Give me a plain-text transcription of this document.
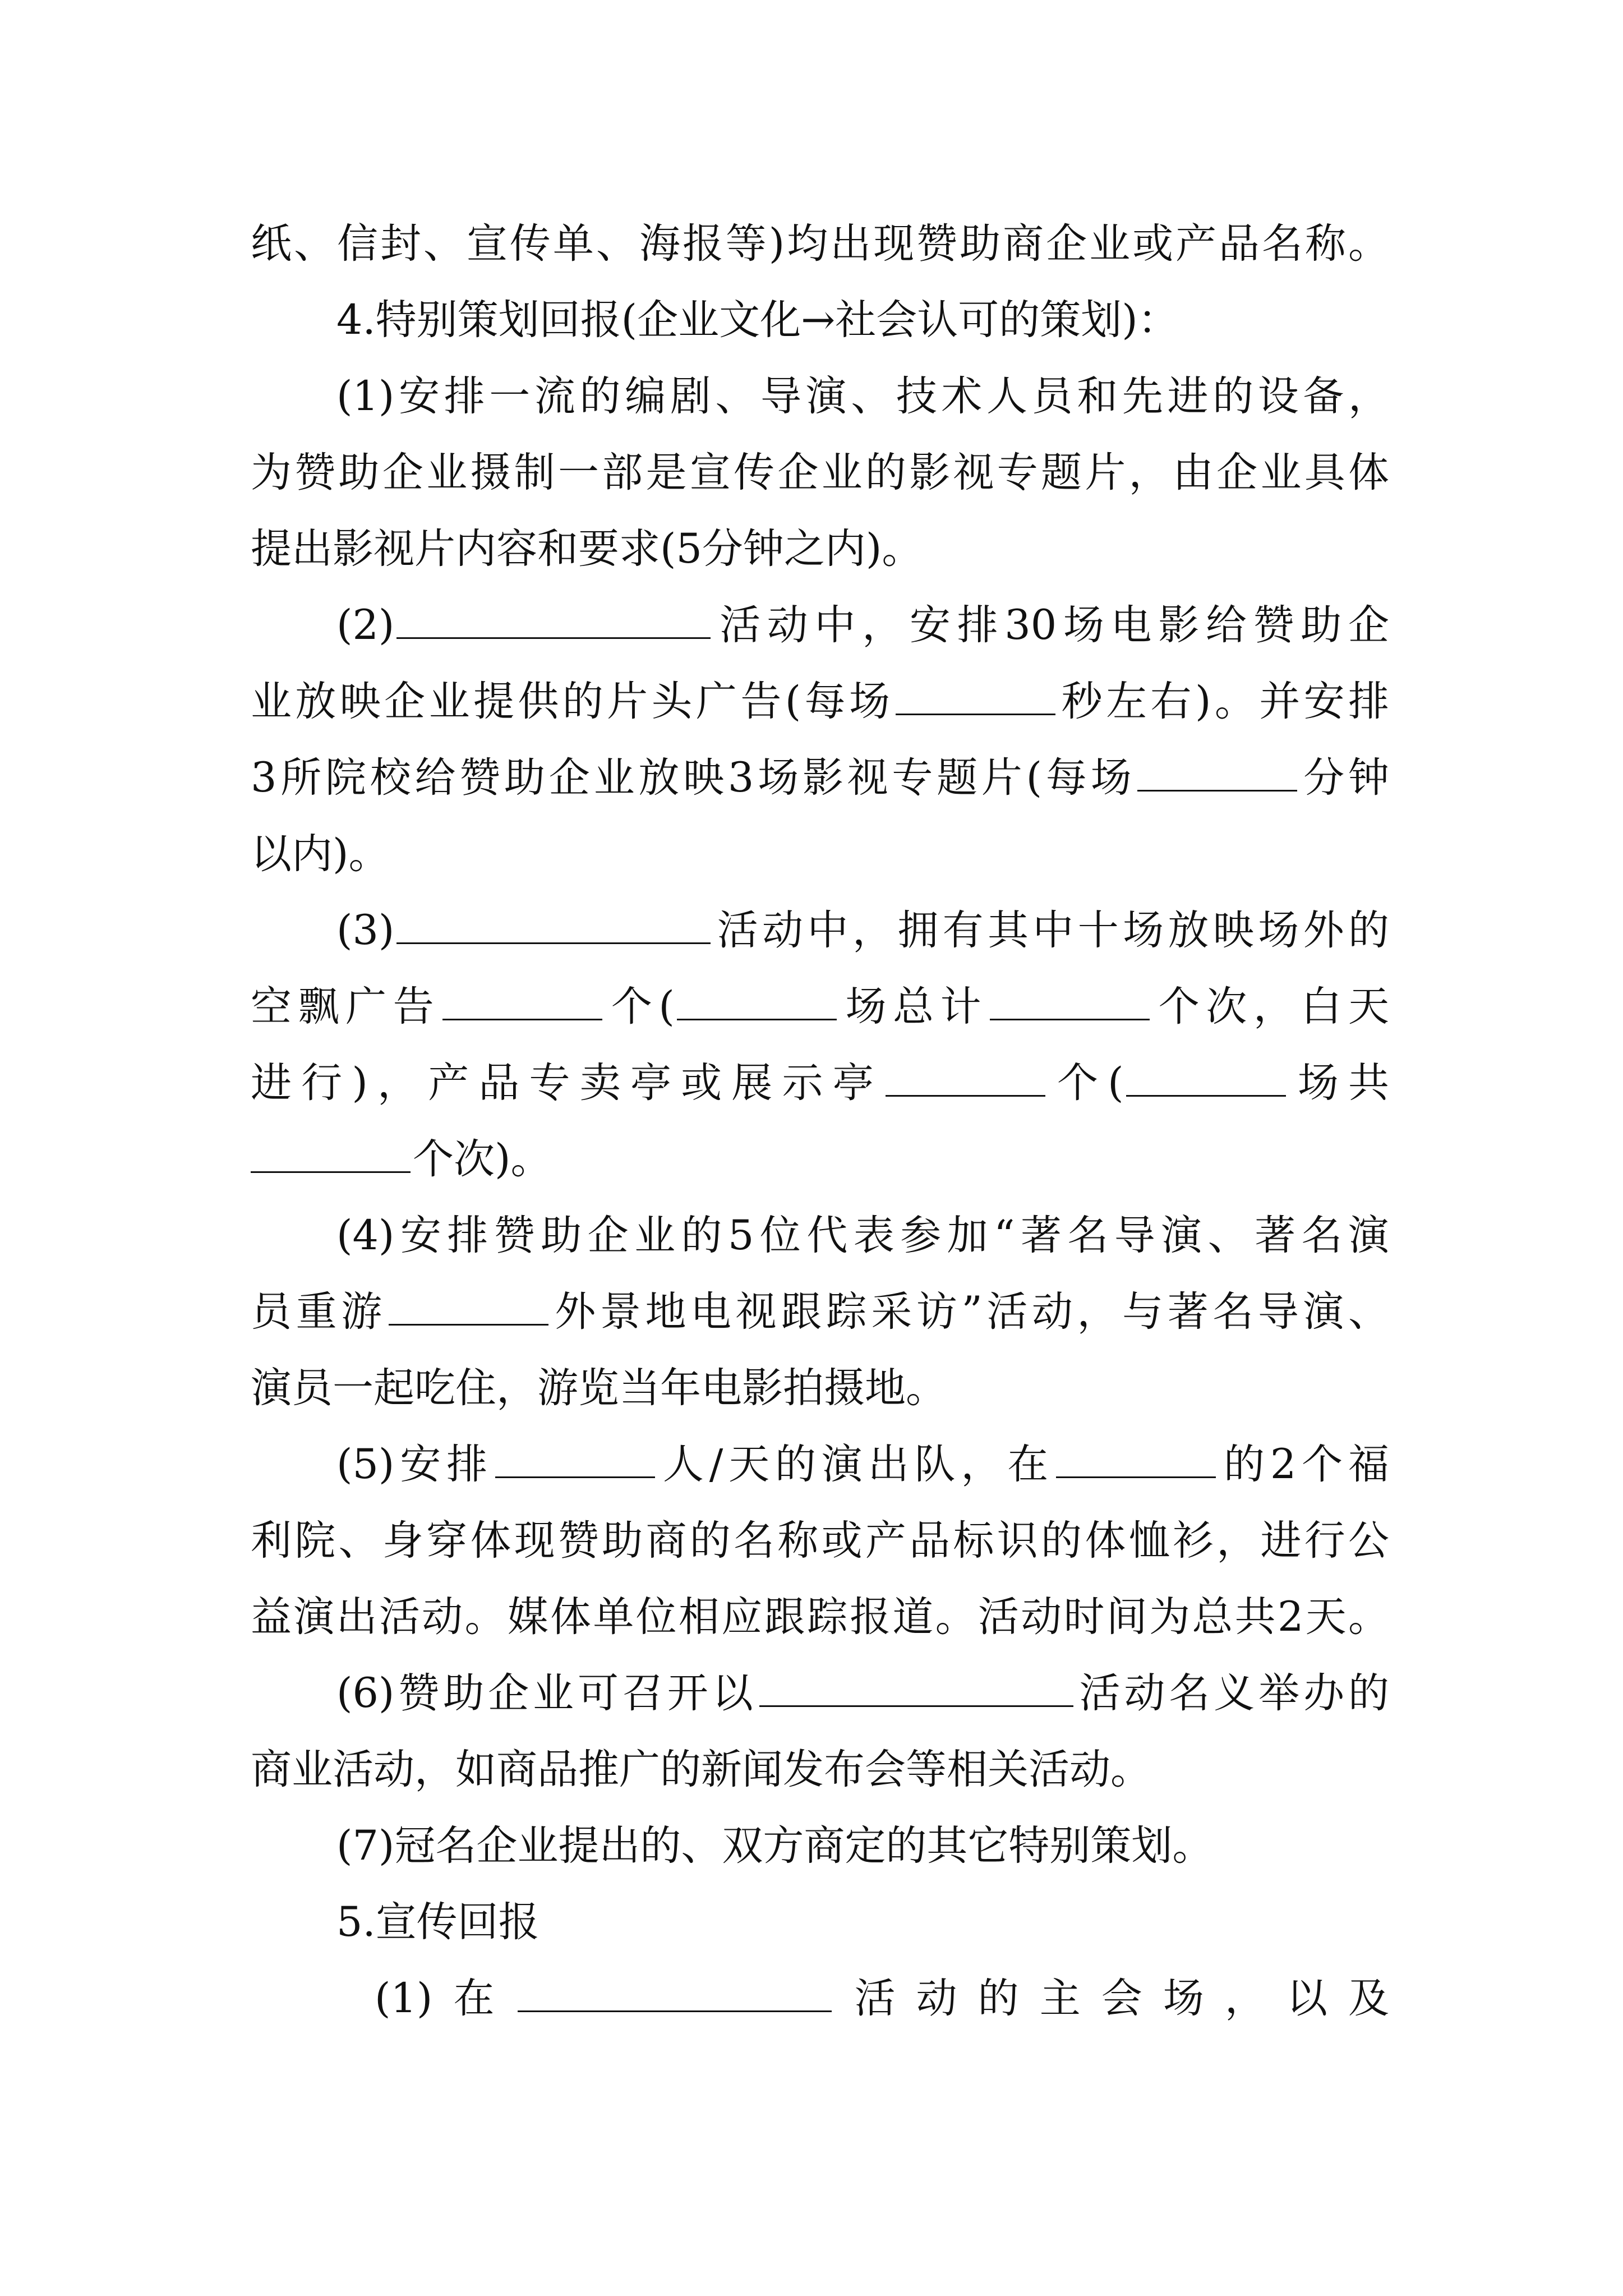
纸、信封、宣传单、海报等)均出现赞助商企业或产品名称。
4.特别策划回报(企业文化→社会认可的策划)：
(1)安排一流的编剧、导演、技术人员和先进的设备，
为赞助企业摄制一部是宣传企业的影视专题片，由企业具体
提出影视片内容和要求(5分钟之内)。
(2)	活动中，安排30场电影给赞助企
业放映企业提供的片头广告(每场	秒左右)。并安排
3所院校给赞助企业放映3场影视专题片(每场	分钟
以内)。
(3)	活动中，拥有其中十场放映场外的
空飘广告	个(	场总计	个次，白天
进行)，产品专卖亭或展示亭	个(	场共
个次)。
(4)安排赞助企业的5位代表参加“著名导演、著名演
员重游	外景地电视跟踪采访”活动，与著名导演、
演员一起吃住，游览当年电影拍摄地。
(5)安排	人/天的演出队，在	的2个福
利院、身穿体现赞助商的名称或产品标识的体恤衫，进行公
益演出活动。媒体单位相应跟踪报道。活动时间为总共2天。
(6)赞助企业可召开以	活动名义举办的
商业活动，如商品推广的新闻发布会等相关活动。
(7)冠名企业提出的、双方商定的其它特别策划。
5.宣传回报
(1)在	活动的主会场，以及
